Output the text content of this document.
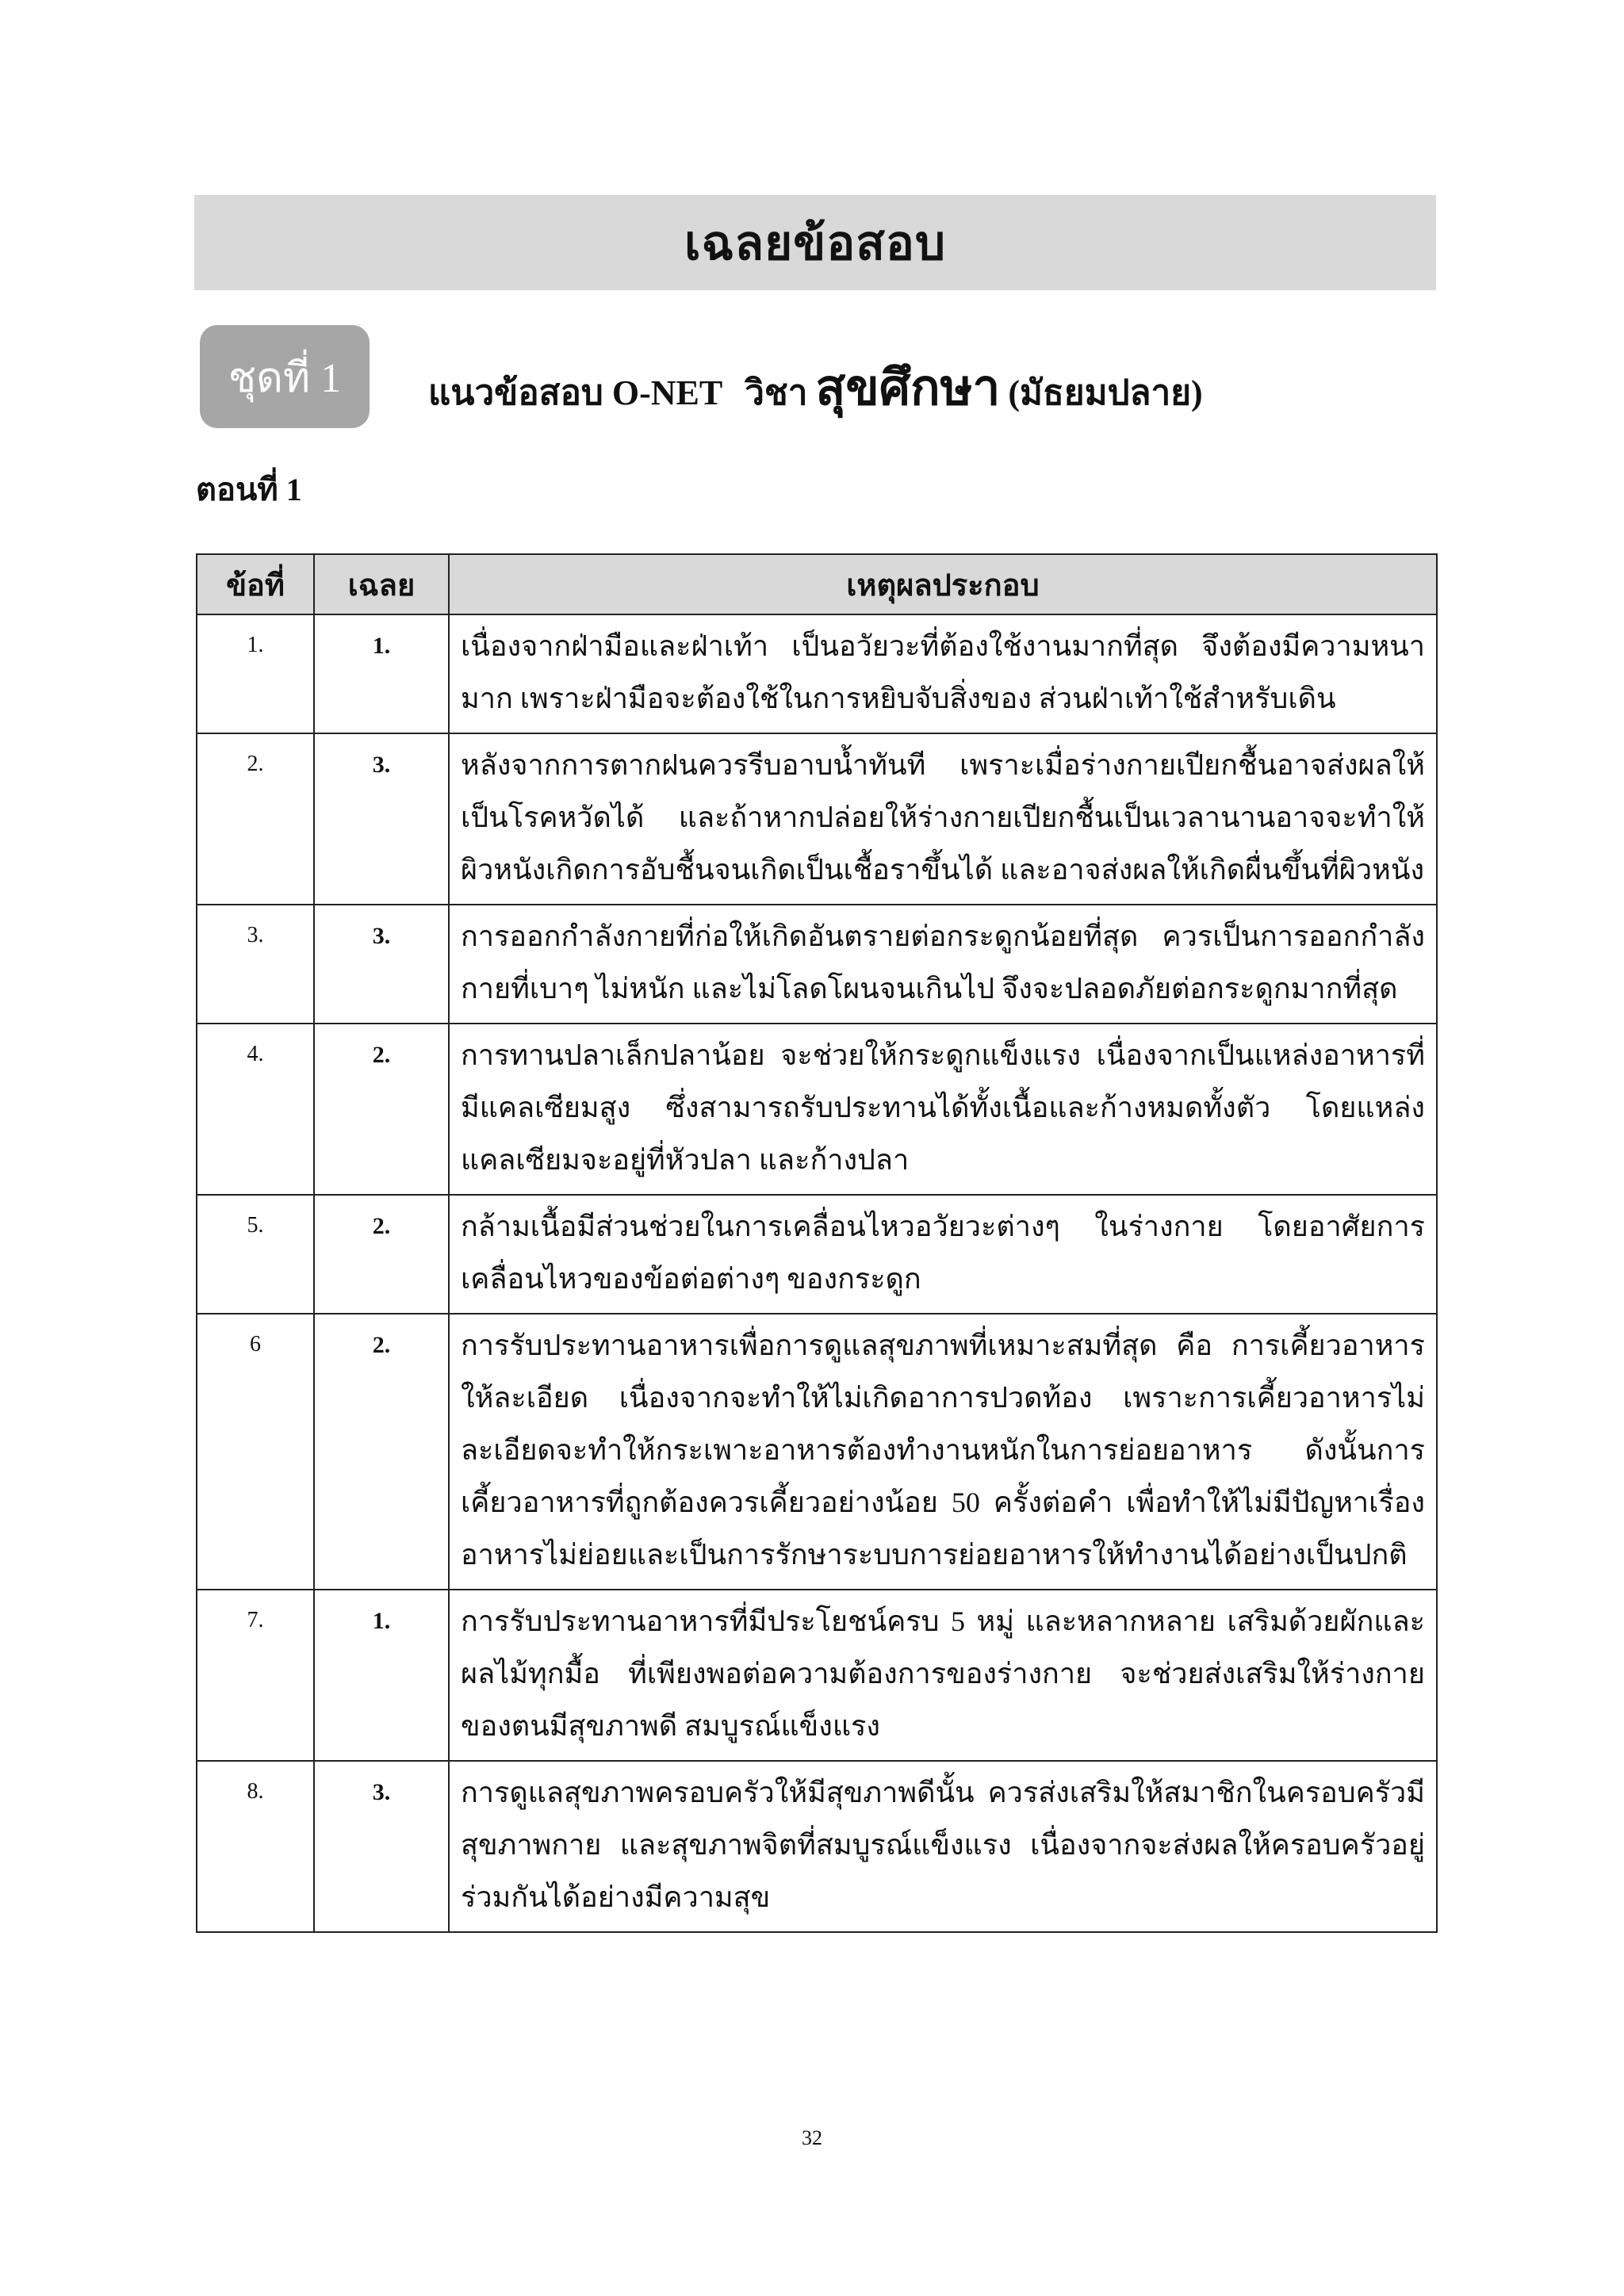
เฉลยข้อสอบ
ชุดที่ 1 แนวข้อสอบ O-NET วิชา สุขศึกษา (มัธยมปลาย)
ตอนที่ 1
ข้อที่	เฉลย	เหตุผลประกอบ
1.	1.	เนื่องจากฝ่ามือและฝ่าเท้า เป็นอวัยวะที่ต้องใช้งานมากที่สุด จึงต้องมีความหนามาก เพราะฝ่ามือจะต้องใช้ในการหยิบจับสิ่งของ ส่วนฝ่าเท้าใช้สำหรับเดิน
2.	3.	หลังจากการตากฝนควรรีบอาบน้ำทันที เพราะเมื่อร่างกายเปียกชื้นอาจส่งผลให้เป็นโรคหวัดได้ และถ้าหากปล่อยให้ร่างกายเปียกชื้นเป็นเวลานานอาจจะทำให้ผิวหนังเกิดการอับชื้นจนเกิดเป็นเชื้อราขึ้นได้ และอาจส่งผลให้เกิดผื่นขึ้นที่ผิวหนัง
3.	3.	การออกกำลังกายที่ก่อให้เกิดอันตรายต่อกระดูกน้อยที่สุด ควรเป็นการออกกำลังกายที่เบาๆ ไม่หนัก และไม่โลดโผนจนเกินไป จึงจะปลอดภัยต่อกระดูกมากที่สุด
4.	2.	การทานปลาเล็กปลาน้อย จะช่วยให้กระดูกแข็งแรง เนื่องจากเป็นแหล่งอาหารที่มีแคลเซียมสูง ซึ่งสามารถรับประทานได้ทั้งเนื้อและก้างหมดทั้งตัว โดยแหล่งแคลเซียมจะอยู่ที่หัวปลา และก้างปลา
5.	2.	กล้ามเนื้อมีส่วนช่วยในการเคลื่อนไหวอวัยวะต่างๆ ในร่างกาย โดยอาศัยการเคลื่อนไหวของข้อต่อต่างๆ ของกระดูก
6	2.	การรับประทานอาหารเพื่อการดูแลสุขภาพที่เหมาะสมที่สุด คือ การเคี้ยวอาหารให้ละเอียด เนื่องจากจะทำให้ไม่เกิดอาการปวดท้อง เพราะการเคี้ยวอาหารไม่ละเอียดจะทำให้กระเพาะอาหารต้องทำงานหนักในการย่อยอาหาร ดังนั้นการเคี้ยวอาหารที่ถูกต้องควรเคี้ยวอย่างน้อย 50 ครั้งต่อคำ เพื่อทำให้ไม่มีปัญหาเรื่องอาหารไม่ย่อยและเป็นการรักษาระบบการย่อยอาหารให้ทำงานได้อย่างเป็นปกติ
7.	1.	การรับประทานอาหารที่มีประโยชน์ครบ 5 หมู่ และหลากหลาย เสริมด้วยผักและผลไม้ทุกมื้อ ที่เพียงพอต่อความต้องการของร่างกาย จะช่วยส่งเสริมให้ร่างกายของตนมีสุขภาพดี สมบูรณ์แข็งแรง
8.	3.	การดูแลสุขภาพครอบครัวให้มีสุขภาพดีนั้น ควรส่งเสริมให้สมาชิกในครอบครัวมีสุขภาพกาย และสุขภาพจิตที่สมบูรณ์แข็งแรง เนื่องจากจะส่งผลให้ครอบครัวอยู่ร่วมกันได้อย่างมีความสุข
32
